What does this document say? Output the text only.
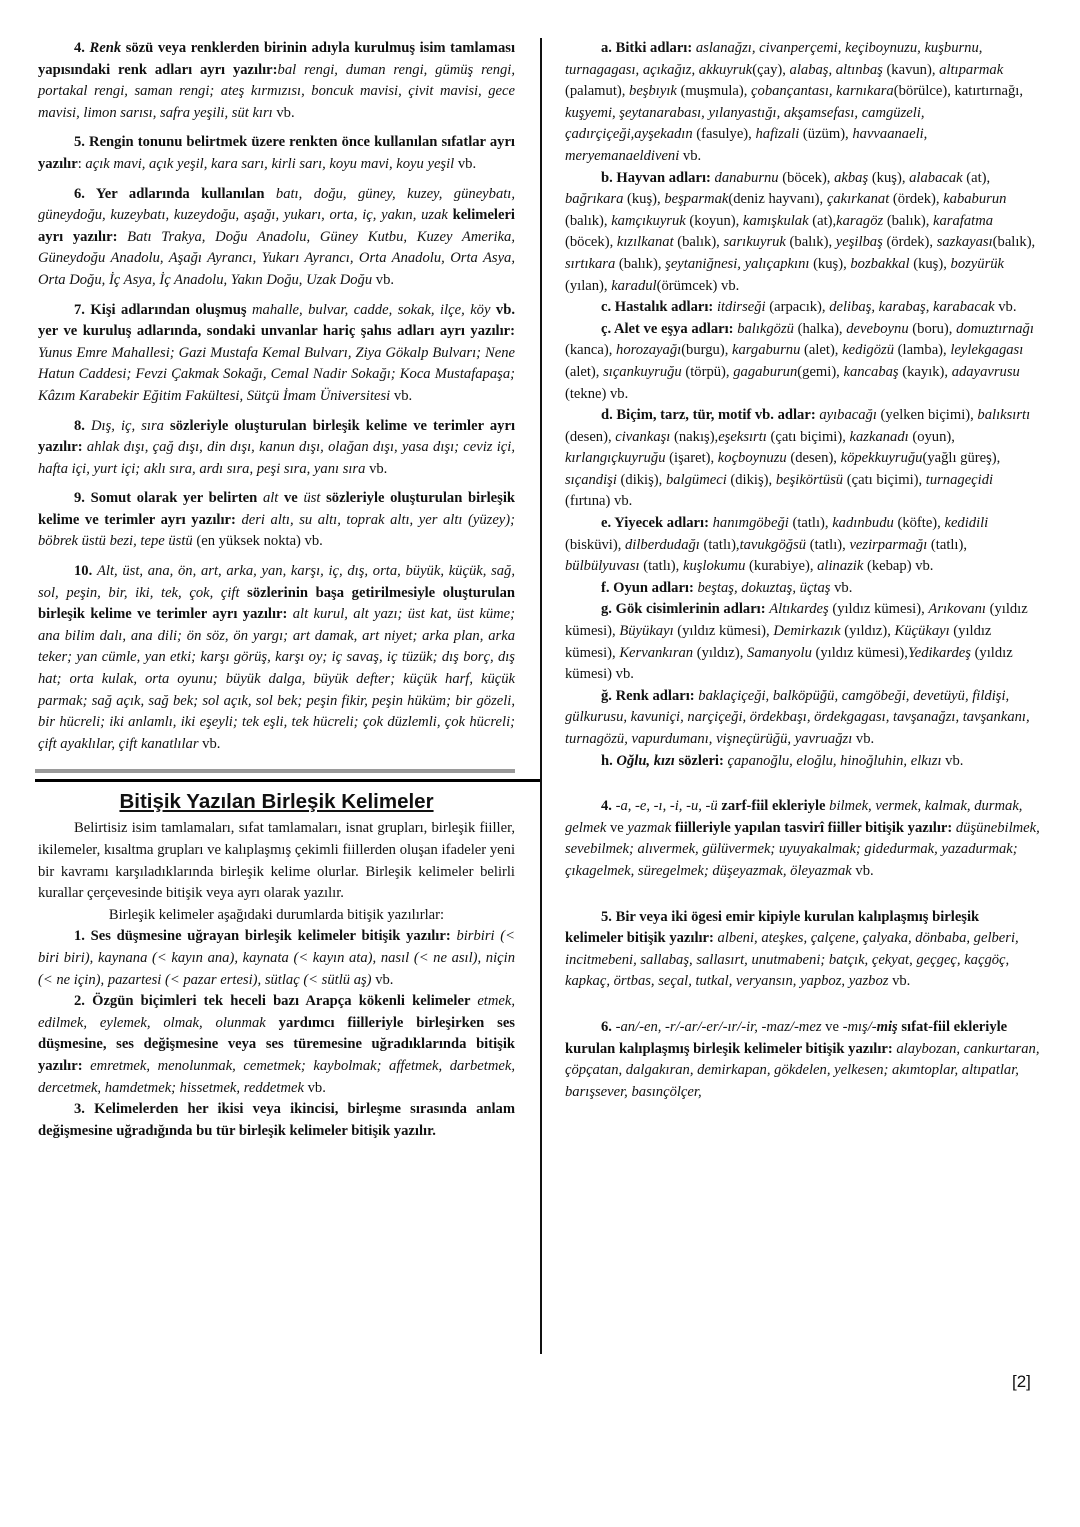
4. Renk sözü veya renklerden birinin adıyla kurulmuş isim tamlaması yapısındaki renk adları ayrı yazılır:bal rengi, duman rengi, gümüş rengi, portakal rengi, saman rengi; ateş kırmızısı, boncuk mavisi, çivit mavisi, gece mavisi, limon sarısı, safra yeşili, süt kırı vb.

5. Rengin tonunu belirtmek üzere renkten önce kullanılan sıfatlar ayrı yazılır: açık mavi, açık yeşil, kara sarı, kirli sarı, koyu mavi, koyu yeşil vb.

6. Yer adlarında kullanılan batı, doğu, güney, kuzey, güneybatı, güneydoğu, kuzeybatı, kuzeydoğu, aşağı, yukarı, orta, iç, yakın, uzak kelimeleri ayrı yazılır: Batı Trakya, Doğu Anadolu, Güney Kutbu, Kuzey Amerika, Güneydoğu Anadolu, Aşağı Ayrancı, Yukarı Ayrancı, Orta Anadolu, Orta Asya, Orta Doğu, İç Asya, İç Anadolu, Yakın Doğu, Uzak Doğu vb.

7. Kişi adlarından oluşmuş mahalle, bulvar, cadde, sokak, ilçe, köy vb. yer ve kuruluş adlarında, sondaki unvanlar hariç şahıs adları ayrı yazılır: Yunus Emre Mahallesi; Gazi Mustafa Kemal Bulvarı, Ziya Gökalp Bulvarı; Nene Hatun Caddesi; Fevzi Çakmak Sokağı, Cemal Nadir Sokağı; Koca Mustafapaşa; Kâzım Karabekir Eğitim Fakültesi, Sütçü İmam Üniversitesi vb.

8. Dış, iç, sıra sözleriyle oluşturulan birleşik kelime ve terimler ayrı yazılır: ahlak dışı, çağ dışı, din dışı, kanun dışı, olağan dışı, yasa dışı; ceviz içi, hafta içi, yurt içi; aklı sıra, ardı sıra, peşi sıra, yanı sıra vb.

9. Somut olarak yer belirten alt ve üst sözleriyle oluşturulan birleşik kelime ve terimler ayrı yazılır: deri altı, su altı, toprak altı, yer altı (yüzey); böbrek üstü bezi, tepe üstü (en yüksek nokta) vb.

10. Alt, üst, ana, ön, art, arka, yan, karşı, iç, dış, orta, büyük, küçük, sağ, sol, peşin, bir, iki, tek, çok, çift sözlerinin başa getirilmesiyle oluşturulan birleşik kelime ve terimler ayrı yazılır: alt kurul, alt yazı; üst kat, üst küme; ana bilim dalı, ana dili; ön söz, ön yargı; art damak, art niyet; arka plan, arka teker; yan cümle, yan etki; karşı görüş, karşı oy; iç savaş, iç tüzük; dış borç, dış hat; orta kulak, orta oyunu; büyük dalga, büyük defter; küçük harf, küçük parmak; sağ açık, sağ bek; sol açık, sol bek; peşin fikir, peşin hüküm; bir gözeli, bir hücreli; iki anlamlı, iki eşeyli; tek eşli, tek hücreli; çok düzlemli, çok hücreli; çift ayaklılar, çift kanatlılar vb.

Bitişik Yazılan Birleşik Kelimeler

Belirtisiz isim tamlamaları, sıfat tamlamaları, isnat grupları, birleşik fiiller, ikilemeler, kısaltma grupları ve kalıplaşmış çekimli fiillerden oluşan ifadeler yeni bir kavramı karşıladıklarında birleşik kelime olurlar. Birleşik kelimeler belirli kurallar çerçevesinde bitişik veya ayrı olarak yazılır.

Birleşik kelimeler aşağıdaki durumlarda bitişik yazılırlar:

1. Ses düşmesine uğrayan birleşik kelimeler bitişik yazılır: birbiri (< biri biri), kaynana (< kayın ana), kaynata (< kayın ata), nasıl (< ne asıl), niçin (< ne için), pazartesi (< pazar ertesi), sütlaç (< sütlü aş) vb.

2. Özgün biçimleri tek heceli bazı Arapça kökenli kelimeler etmek, edilmek, eylemek, olmak, olunmak yardımcı fiilleriyle birleşirken ses düşmesine, ses değişmesine veya ses türemesine uğradıklarında bitişik yazılır: emretmek, menolunmak, cemetmek; kaybolmak; affetmek, darbetmek, dercetmek, hamdetmek; hissetmek, reddetmek vb.

3. Kelimelerden her ikisi veya ikincisi, birleşme sırasında anlam değişmesine uğradığında bu tür birleşik kelimeler bitişik yazılır.

a. Bitki adları: aslanağzı, civanperçemi, keçiboynuzu, kuşburnu, turnagagası, açıkağız, akkuyruk(çay), alabaş, altınbaş (kavun), altıparmak (palamut), beşbıyık (muşmula), çobançantası, karnıkara(börülce), katırtırnağı, kuşyemi, şeytanarabası, yılanyastığı, akşamsefası, camgüzeli, çadırçiçeği,ayşekadın (fasulye), hafizali (üzüm), havvaanaeli, meryemanaeldiveni vb.

b. Hayvan adları: danaburnu (böcek), akbaş (kuş), alabacak (at), bağrıkara (kuş), beşparmak(deniz hayvanı), çakırkanat (ördek), kababurun (balık), kamçıkuyruk (koyun), kamışkulak (at),karagöz (balık), karafatma (böcek), kızılkanat (balık), sarıkuyruk (balık), yeşilbaş (ördek), sazkayası(balık), sırtıkara (balık), şeytaniğnesi, yalıçapkını (kuş), bozbakkal (kuş), bozyürük (yılan), karadul(örümcek) vb.

c. Hastalık adları: itdirseği (arpacık), delibaş, karabaş, karabacak vb.

ç. Alet ve eşya adları: balıkgözü (halka), deveboynu (boru), domuztırnağı (kanca), horozayağı(burgu), kargaburnu (alet), kedigözü (lamba), leylekgagası (alet), sıçankuyruğu (törpü), gagaburun(gemi), kancabaş (kayık), adayavrusu (tekne) vb.

d. Biçim, tarz, tür, motif vb. adlar: ayıbacağı (yelken biçimi), balıksırtı (desen), civankaşı (nakış),eşeksırtı (çatı biçimi), kazkanadı (oyun), kırlangıçkuyruğu (işaret), koçboynuzu (desen), köpekkuyruğu(yağlı güreş), sıçandişi (dikiş), balgümeci (dikiş), beşikörtüsü (çatı biçimi), turnageçidi (fırtına) vb.

e. Yiyecek adları: hanımgöbeği (tatlı), kadınbudu (köfte), kedidili (bisküvi), dilberdudağı (tatlı),tavukgöğsü (tatlı), vezirparmağı (tatlı), bülbülyuvası (tatlı), kuşlokumu (kurabiye), alinazik (kebap) vb.

f. Oyun adları: beştaş, dokuztaş, üçtaş vb.

g. Gök cisimlerinin adları: Altıkardeş (yıldız kümesi), Arıkovanı (yıldız kümesi), Büyükayı (yıldız kümesi), Demirkazık (yıldız), Küçükayı (yıldız kümesi), Kervankıran (yıldız), Samanyolu (yıldız kümesi),Yedikardeş (yıldız kümesi) vb.

ğ. Renk adları: baklaçiçeği, balköpüğü, camgöbeği, devetüyü, fildişi, gülkurusu, kavuniçi, narçiçeği, ördekbaşı, ördekgagası, tavşanağzı, tavşankanı, turnagözü, vapurdumanı, vişneçürüğü, yavruağzı vb.

h. Oğlu, kızı sözleri: çapanoğlu, eloğlu, hinoğluhin, elkızı vb.

4. -a, -e, -ı, -i, -u, -ü zarf-fiil ekleriyle bilmek, vermek, kalmak, durmak, gelmek ve yazmak fiilleriyle yapılan tasvirî fiiller bitişik yazılır: düşünebilmek, sevebilmek; alıvermek, gülüvermek; uyuyakalmak; gidedurmak, yazadurmak; çıkagelmek, süregelmek; düşeyazmak, öleyazmak vb.

5. Bir veya iki ögesi emir kipiyle kurulan kalıplaşmış birleşik kelimeler bitişik yazılır: albeni, ateşkes, çalçene, çalyaka, dönbaba, gelberi, incitmebeni, sallabaş, sallasırt, unutmabeni; batçık, çekyat, geçgeç, kaçgöç, kapkaç, örtbas, seçal, tutkal, veryansın, yapboz, yazboz vb.

6. -an/-en, -r/-ar/-er/-ır/-ir, -maz/-mez ve -mış/-miş sıfat-fiil ekleriyle kurulan kalıplaşmış birleşik kelimeler bitişik yazılır: alaybozan, cankurtaran, çöpçatan, dalgakıran, demirkapan, gökdelen, yelkesen; akımtoplar, altıpatlar, barışsever, basınçölçer,

[2]
